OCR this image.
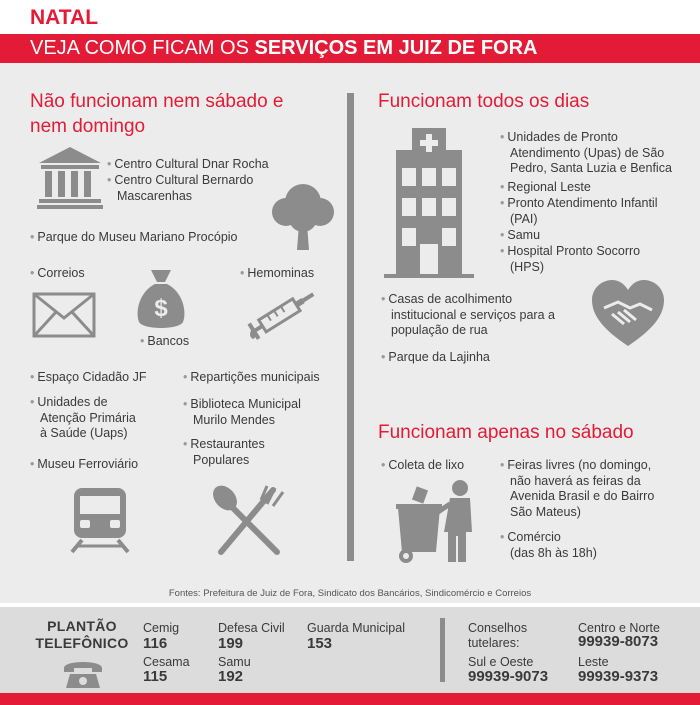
NATAL
VEJA COMO FICAM OS SERVIÇOS EM JUIZ DE FORA
Não funcionam nem sábado e
nem domingo
• Centro Cultural Dnar Rocha
• Centro Cultural Bernardo
Mascarenhas
• Parque do Museu Mariano Procópio
• Correios	• Hemominas
$
• Bancos
• Espaço Cidadão JF	• Repartições municipais
• Unidades de
Atenção Primária
à Saúde (Uaps)
• Biblioteca Municipal
Murilo Mendes
• Restaurantes
Populares
• Museu Ferroviário
Funcionam todos os dias
• Unidades de Pronto
Atendimento (Upas) de São
Pedro, Santa Luzia e Benfica
• Regional Leste
• Pronto Atendimento Infantil
(PAI)
• Samu
• Hospital Pronto Socorro
(HPS)
• Casas de acolhimento
institucional e serviços para a
população de rua
• Parque da Lajinha
Funcionam apenas no sábado
• Coleta de lixo	• Feiras livres (no domingo,
não haverá as feiras da
Avenida Brasil e do Bairro
São Mateus)
• Comércio
(das 8h às 18h)
Fontes: Prefeitura de Juiz de Fora, Sindicato dos Bancários, Sindicomércio e Correios
PLANTÃO
TELEFÔNICO
Cemig
116
Cesama
115
Defesa Civil
199
Samu
192
Guarda Municipal
153
Conselhos
tutelares:
Sul e Oeste
99939-9073
Centro e Norte
99939-8073
Leste
99939-9373
